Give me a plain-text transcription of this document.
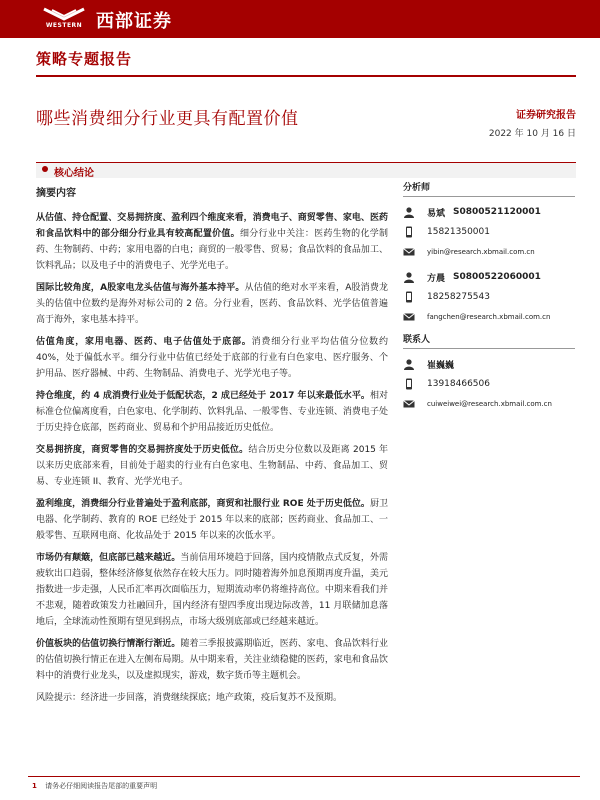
WESTERN 西部证券
策略专题报告
哪些消费细分行业更具有配置价值	证券研究报告
2022 年 10 月 16 日
核心结论
摘要内容
从估值、持仓配置、交易拥挤度、盈利四个维度来看，消费电子、商贸零售、家电、医药和食品饮料中的部分细分行业具有较高配置价值。细分行业中关注：医药生物的化学制药、生物制药、中药；家用电器的白电；商贸的一般零售、贸易；食品饮料的食品加工、饮料乳品；以及电子中的消费电子、光学光电子。
国际比较角度，A股家电龙头估值与海外基本持平。从估值的绝对水平来看，A股消费龙头的估值中位数约是海外对标公司的 2 倍。分行业看，医药、食品饮料、光学估值普遍高于海外，家电基本持平。
估值角度，家用电器、医药、电子估值处于底部。消费细分行业平均估值分位数约 40%，处于偏低水平。细分行业中估值已经处于底部的行业有白色家电、医疗服务、个护用品、医疗器械、中药、生物制品、消费电子、光学光电子等。
持仓维度，约 4 成消费行业处于低配状态，2 成已经处于 2017 年以来最低水平。相对标准仓位偏离度看，白色家电、化学制药、饮料乳品、一般零售、专业连锁、消费电子处于历史持仓底部，医药商业、贸易和个护用品接近历史低位。
交易拥挤度，商贸零售的交易拥挤度处于历史低位。结合历史分位数以及距离 2015 年以来历史底部来看，目前处于超卖的行业有白色家电、生物制品、中药、食品加工、贸易、专业连锁 II、教育、光学光电子。
盈利维度，消费细分行业普遍处于盈利底部，商贸和社服行业 ROE 处于历史低位。厨卫电器、化学制药、教育的 ROE 已经处于 2015 年以来的底部；医药商业、食品加工、一般零售、互联网电商、化妆品处于 2015 年以来的次低水平。
市场仍有颠簸，但底部已越来越近。当前信用环境趋于回落，国内疫情散点式反复，外需疲软出口趋弱，整体经济修复依然存在较大压力。同时随着海外加息预期再度升温，美元指数进一步走强，人民币汇率再次面临压力，短期流动率仍将维持高位。中期来看我们并不悲观，随着政策发力社融回升，国内经济有望四季度出现边际改善，11 月联储加息落地后，全球流动性预期有望见到拐点，市场大级别底部或已经越来越近。
价值板块的估值切换行情渐行渐近。随着三季报披露期临近，医药、家电、食品饮料行业的估值切换行情正在进入左侧布局期。从中期来看，关注业绩稳健的医药，家电和食品饮料中的消费行业龙头，以及虚拟现实，游戏，数字货币等主题机会。
风险提示：经济进一步回落，消费继续探底；地产政策，疫后复苏不及预期。
分析师
易斌 S0800521120001
15821350001
yibin@research.xbmail.com.cn
方晨 S0800522060001
18258275543
fangchen@research.xbmail.com.cn
联系人
崔巍巍
13918466506
cuiweiwei@research.xbmail.com.cn
1 请务必仔细阅读报告尾部的重要声明
